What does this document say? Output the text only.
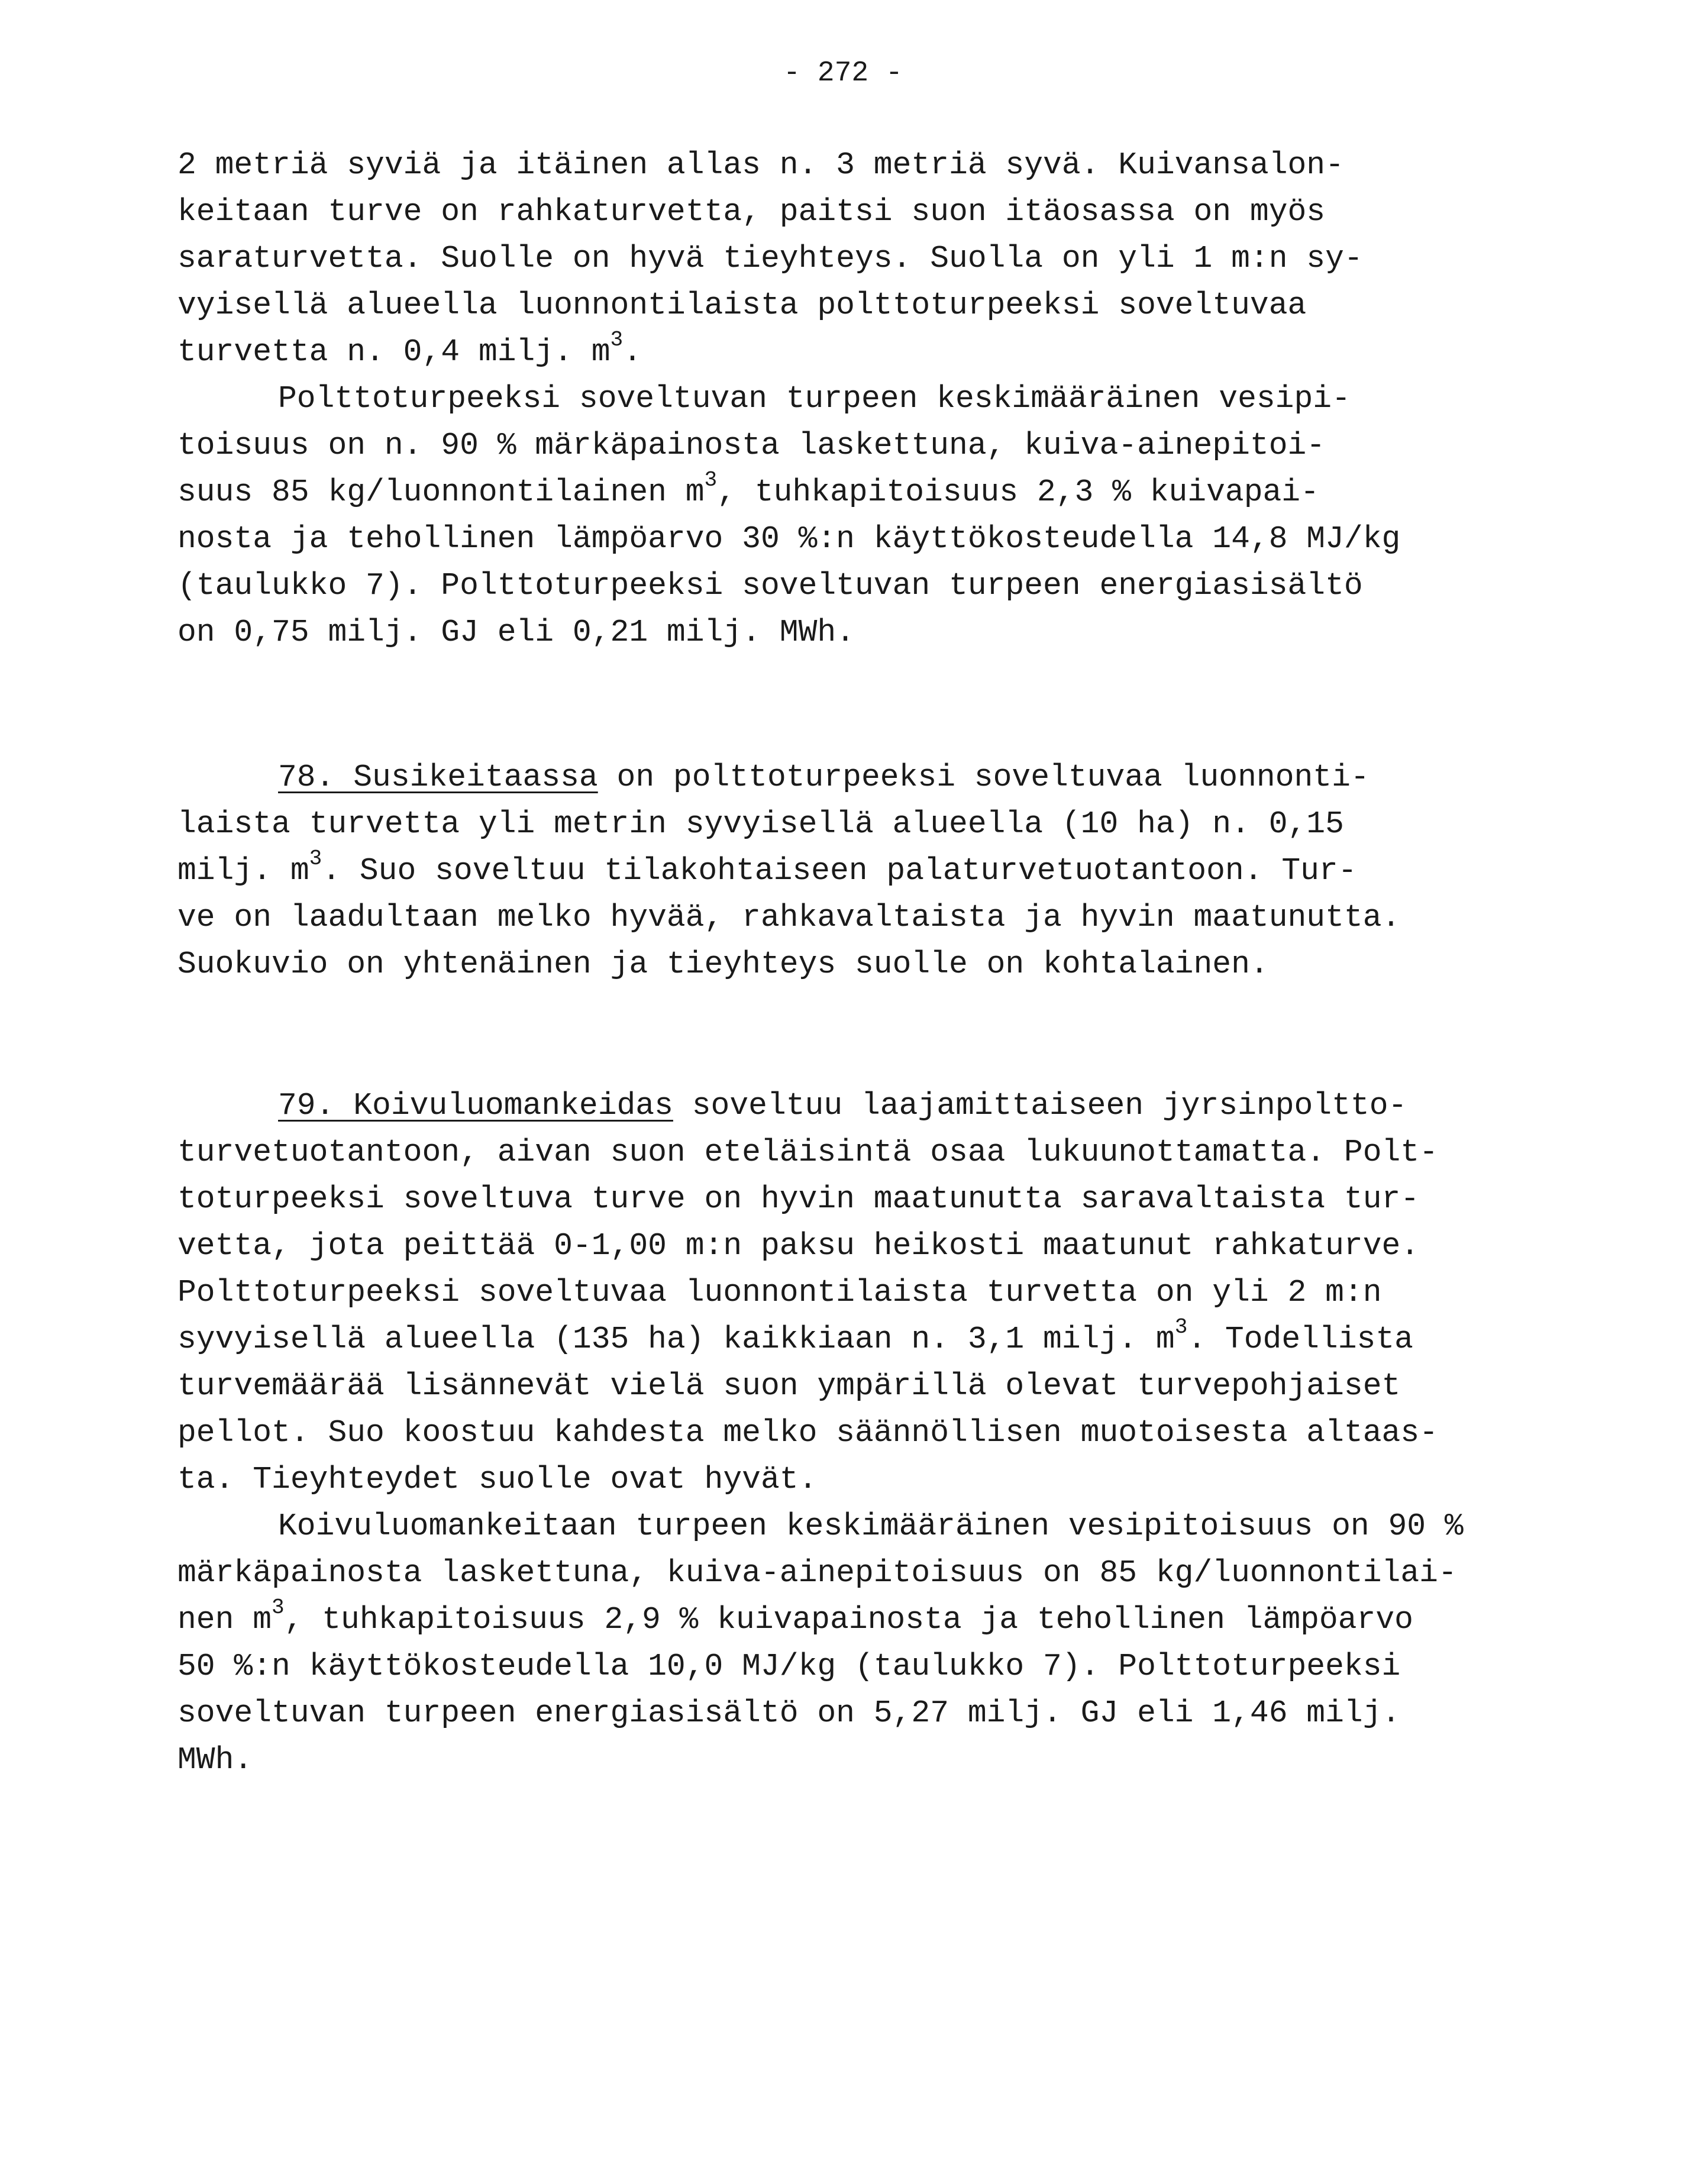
- 272 -
2 metriä syviä ja itäinen allas n. 3 metriä syvä. Kuivansalon-
keitaan turve on rahkaturvetta, paitsi suon itäosassa on myös
saraturvetta. Suolle on hyvä tieyhteys. Suolla on yli 1 m:n sy-
vyisellä alueella luonnontilaista polttoturpeeksi soveltuvaa
turvetta n. 0,4 milj. $m^3$.
Polttoturpeeksi soveltuvan turpeen keskimääräinen vesipi-
toisuus on n. 90 % märkäpainosta laskettuna, kuiva-ainepitoi-
suus 85 kg/luonnontilainen $m^3$, tuhkapitoisuus 2,3 % kuivapai-
nosta ja tehollinen lämpöarvo 30 %:n käyttökosteudella 14,8 MJ/kg
(taulukko 7). Polttoturpeeksi soveltuvan turpeen energiasisältö
on 0,75 milj. GJ eli 0,21 milj. MWh.
78. Susikeitaassa on polttoturpeeksi soveltuvaa luonnonti-
laista turvetta yli metrin syvyisellä alueella (10 ha) n. 0,15
milj. $m^3$. Suo soveltuu tilakohtaiseen palaturvetuotantoon. Tur-
ve on laadultaan melko hyvää, rahkavaltaista ja hyvin maatunutta.
Suokuvio on yhtenäinen ja tieyhteys suolle on kohtalainen.
79. Koivuluomankeidas soveltuu laajamittaiseen jyrsinpoltto-
turvetuotantoon, aivan suon eteläisintä osaa lukuunottamatta. Polt-
toturpeeksi soveltuva turve on hyvin maatunutta saravaltaista tur-
vetta, jota peittää 0-1,00 m:n paksu heikosti maatunut rahkaturve.
Polttoturpeeksi soveltuvaa luonnontilaista turvetta on yli 2 m:n
syvyisellä alueella (135 ha) kaikkiaan n. 3,1 milj. $m^3$. Todellista
turvemäärää lisännevät vielä suon ympärillä olevat turvepohjaiset
pellot. Suo koostuu kahdesta melko säännöllisen muotoisesta altaas-
ta. Tieyhteydet suolle ovat hyvät.
Koivuluomankeitaan turpeen keskimääräinen vesipitoisuus on 90 %
märkäpainosta laskettuna, kuiva-ainepitoisuus on 85 kg/luonnontilai-
nen $m^3$, tuhkapitoisuus 2,9 % kuivapainosta ja tehollinen lämpöarvo
50 %:n käyttökosteudella 10,0 MJ/kg (taulukko 7). Polttoturpeeksi
soveltuvan turpeen energiasisältö on 5,27 milj. GJ eli 1,46 milj.
MWh.
